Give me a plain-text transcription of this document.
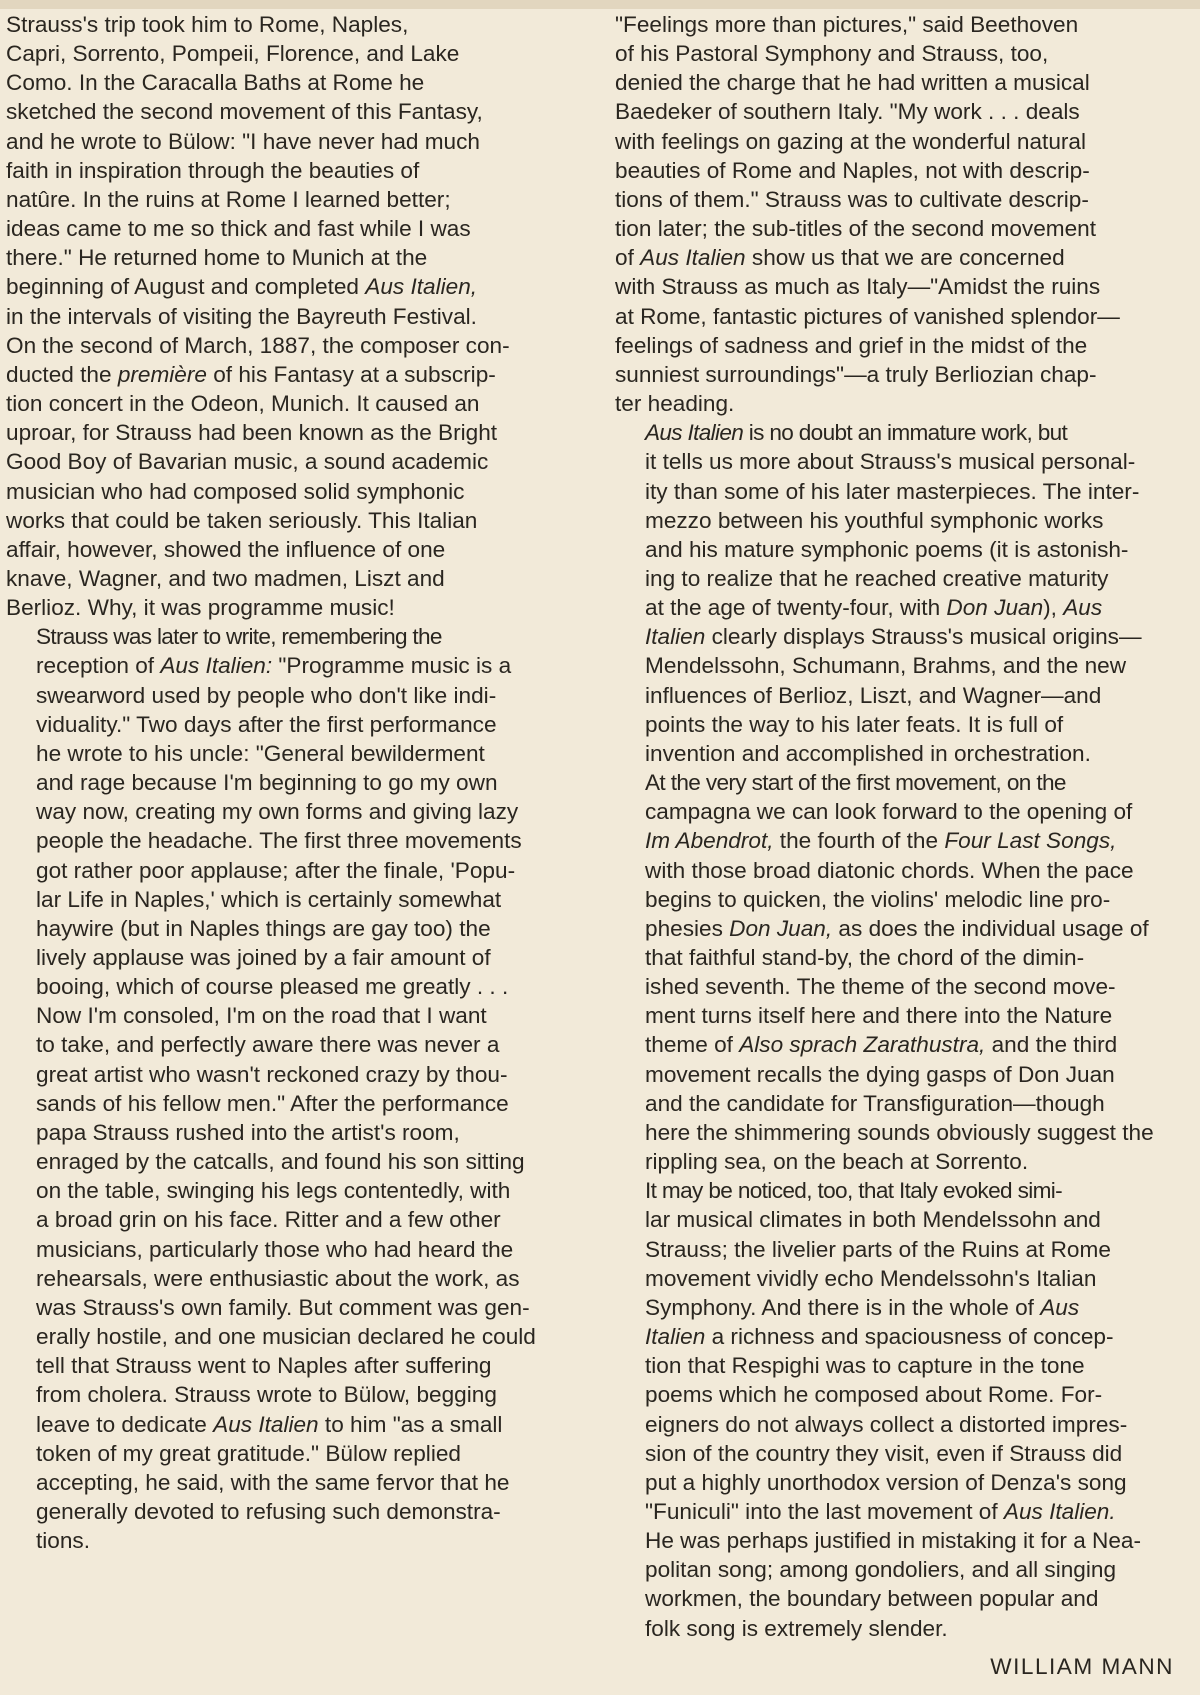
Strauss's trip took him to Rome, Naples,
Capri, Sorrento, Pompeii, Florence, and Lake
Como. In the Caracalla Baths at Rome he
sketched the second movement of this Fantasy,
and he wrote to Bülow: "I have never had much
faith in inspiration through the beauties of
natûre. In the ruins at Rome I learned better;
ideas came to me so thick and fast while I was
there." He returned home to Munich at the
beginning of August and completed Aus Italien,
in the intervals of visiting the Bayreuth Festival.
On the second of March, 1887, the composer con-
ducted the première of his Fantasy at a subscrip-
tion concert in the Odeon, Munich. It caused an
uproar, for Strauss had been known as the Bright
Good Boy of Bavarian music, a sound academic
musician who had composed solid symphonic
works that could be taken seriously. This Italian
affair, however, showed the influence of one
knave, Wagner, and two madmen, Liszt and
Berlioz. Why, it was programme music!
Strauss was later to write, remembering the
reception of Aus Italien: "Programme music is a
swearword used by people who don't like indi-
viduality." Two days after the first performance
he wrote to his uncle: "General bewilderment
and rage because I'm beginning to go my own
way now, creating my own forms and giving lazy
people the headache. The first three movements
got rather poor applause; after the finale, 'Popu-
lar Life in Naples,' which is certainly somewhat
haywire (but in Naples things are gay too) the
lively applause was joined by a fair amount of
booing, which of course pleased me greatly . . .
Now I'm consoled, I'm on the road that I want
to take, and perfectly aware there was never a
great artist who wasn't reckoned crazy by thou-
sands of his fellow men." After the performance
papa Strauss rushed into the artist's room,
enraged by the catcalls, and found his son sitting
on the table, swinging his legs contentedly, with
a broad grin on his face. Ritter and a few other
musicians, particularly those who had heard the
rehearsals, were enthusiastic about the work, as
was Strauss's own family. But comment was gen-
erally hostile, and one musician declared he could
tell that Strauss went to Naples after suffering
from cholera. Strauss wrote to Bülow, begging
leave to dedicate Aus Italien to him "as a small
token of my great gratitude." Bülow replied
accepting, he said, with the same fervor that he
generally devoted to refusing such demonstra-
tions.
"Feelings more than pictures," said Beethoven
of his Pastoral Symphony and Strauss, too,
denied the charge that he had written a musical
Baedeker of southern Italy. "My work . . . deals
with feelings on gazing at the wonderful natural
beauties of Rome and Naples, not with descrip-
tions of them." Strauss was to cultivate descrip-
tion later; the sub-titles of the second movement
of Aus Italien show us that we are concerned
with Strauss as much as Italy—"Amidst the ruins
at Rome, fantastic pictures of vanished splendor—
feelings of sadness and grief in the midst of the
sunniest surroundings"—a truly Berliozian chap-
ter heading.
Aus Italien is no doubt an immature work, but
it tells us more about Strauss's musical personal-
ity than some of his later masterpieces. The inter-
mezzo between his youthful symphonic works
and his mature symphonic poems (it is astonish-
ing to realize that he reached creative maturity
at the age of twenty-four, with Don Juan), Aus
Italien clearly displays Strauss's musical origins—
Mendelssohn, Schumann, Brahms, and the new
influences of Berlioz, Liszt, and Wagner—and
points the way to his later feats. It is full of
invention and accomplished in orchestration.
At the very start of the first movement, on the
campagna we can look forward to the opening of
Im Abendrot, the fourth of the Four Last Songs,
with those broad diatonic chords. When the pace
begins to quicken, the violins' melodic line pro-
phesies Don Juan, as does the individual usage of
that faithful stand-by, the chord of the dimin-
ished seventh. The theme of the second move-
ment turns itself here and there into the Nature
theme of Also sprach Zarathustra, and the third
movement recalls the dying gasps of Don Juan
and the candidate for Transfiguration—though
here the shimmering sounds obviously suggest the
rippling sea, on the beach at Sorrento.
It may be noticed, too, that Italy evoked simi-
lar musical climates in both Mendelssohn and
Strauss; the livelier parts of the Ruins at Rome
movement vividly echo Mendelssohn's Italian
Symphony. And there is in the whole of Aus
Italien a richness and spaciousness of concep-
tion that Respighi was to capture in the tone
poems which he composed about Rome. For-
eigners do not always collect a distorted impres-
sion of the country they visit, even if Strauss did
put a highly unorthodox version of Denza's song
"Funiculi" into the last movement of Aus Italien.
He was perhaps justified in mistaking it for a Nea-
politan song; among gondoliers, and all singing
workmen, the boundary between popular and
folk song is extremely slender.
WILLIAM MANN
